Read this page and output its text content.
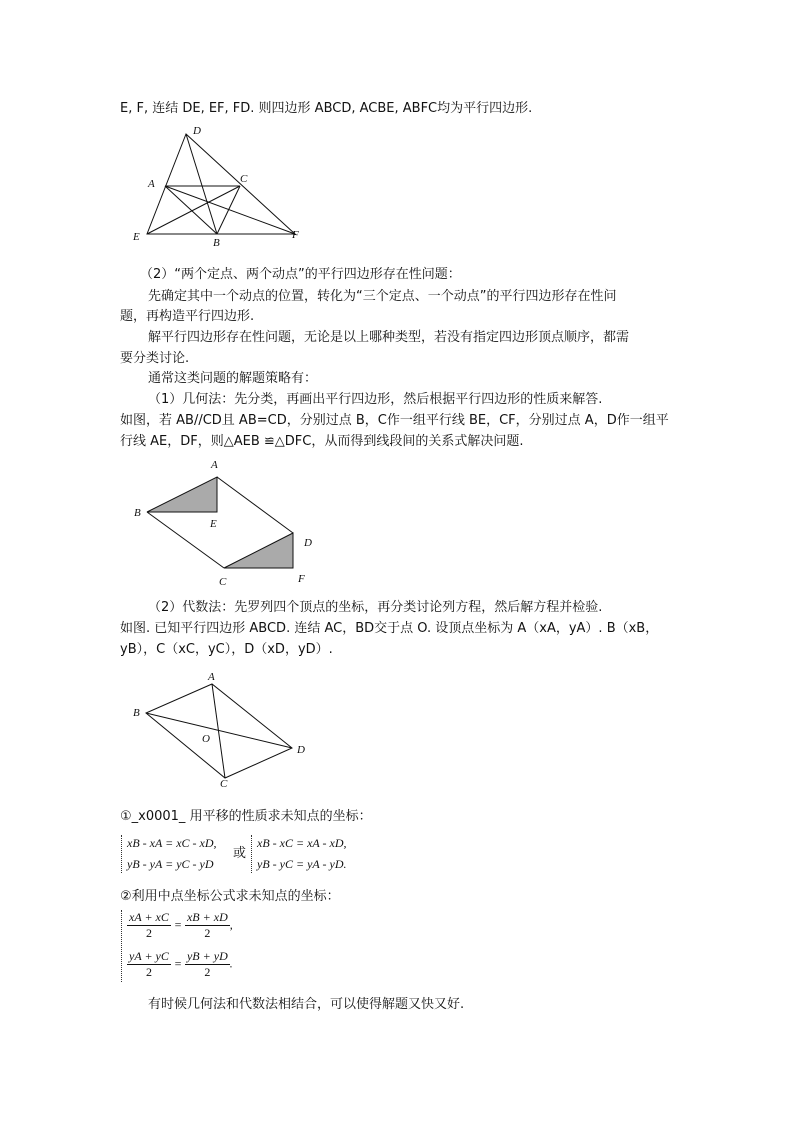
E, F, 连结 DE, EF, FD. 则四边形 ABCD, ACBE, ABFC均为平行四边形.
D
A	C
E	B
F
（2）“两个定点、两个动点”的平行四边形存在性问题：
先确定其中一个动点的位置，转化为“三个定点、一个动点”的平行四边形存在性问
题，再构造平行四边形.
解平行四边形存在性问题，无论是以上哪种类型，若没有指定四边形顶点顺序，都需
要分类讨论.
通常这类问题的解题策略有：
（1）几何法：先分类，再画出平行四边形，然后根据平行四边形的性质来解答.
如图，若 AB//CD且 AB=CD，分别过点 B，C作一组平行线 BE，CF，分别过点 A，D作一组平
行线 AE，DF，则△AEB ≌△DFC，从而得到线段间的关系式解决问题.
A
B
E
D
C	F
（2）代数法：先罗列四个顶点的坐标，再分类讨论列方程，然后解方程并检验.
如图. 已知平行四边形 ABCD. 连结 AC，BD交于点 O. 设顶点坐标为 A（xA，yA）. B（xB，
yB），C（xC，yC），D（xD，yD）.
A
B
O
D
C
①_x0001_ 用平移的性质求未知点的坐标：
xB - xA = xC - xD,
yB - yA = yC - yD
或
xB - xC = xA - xD,
yB - yC = yA - yD.
②利用中点坐标公式求未知点的坐标：
$\frac{xA + xC}{2} = \frac{xB + xD}{2}$ ,
$\frac{yA + yC}{2} = \frac{yB + yD}{2}$ .
有时候几何法和代数法相结合，可以使得解题又快又好.
